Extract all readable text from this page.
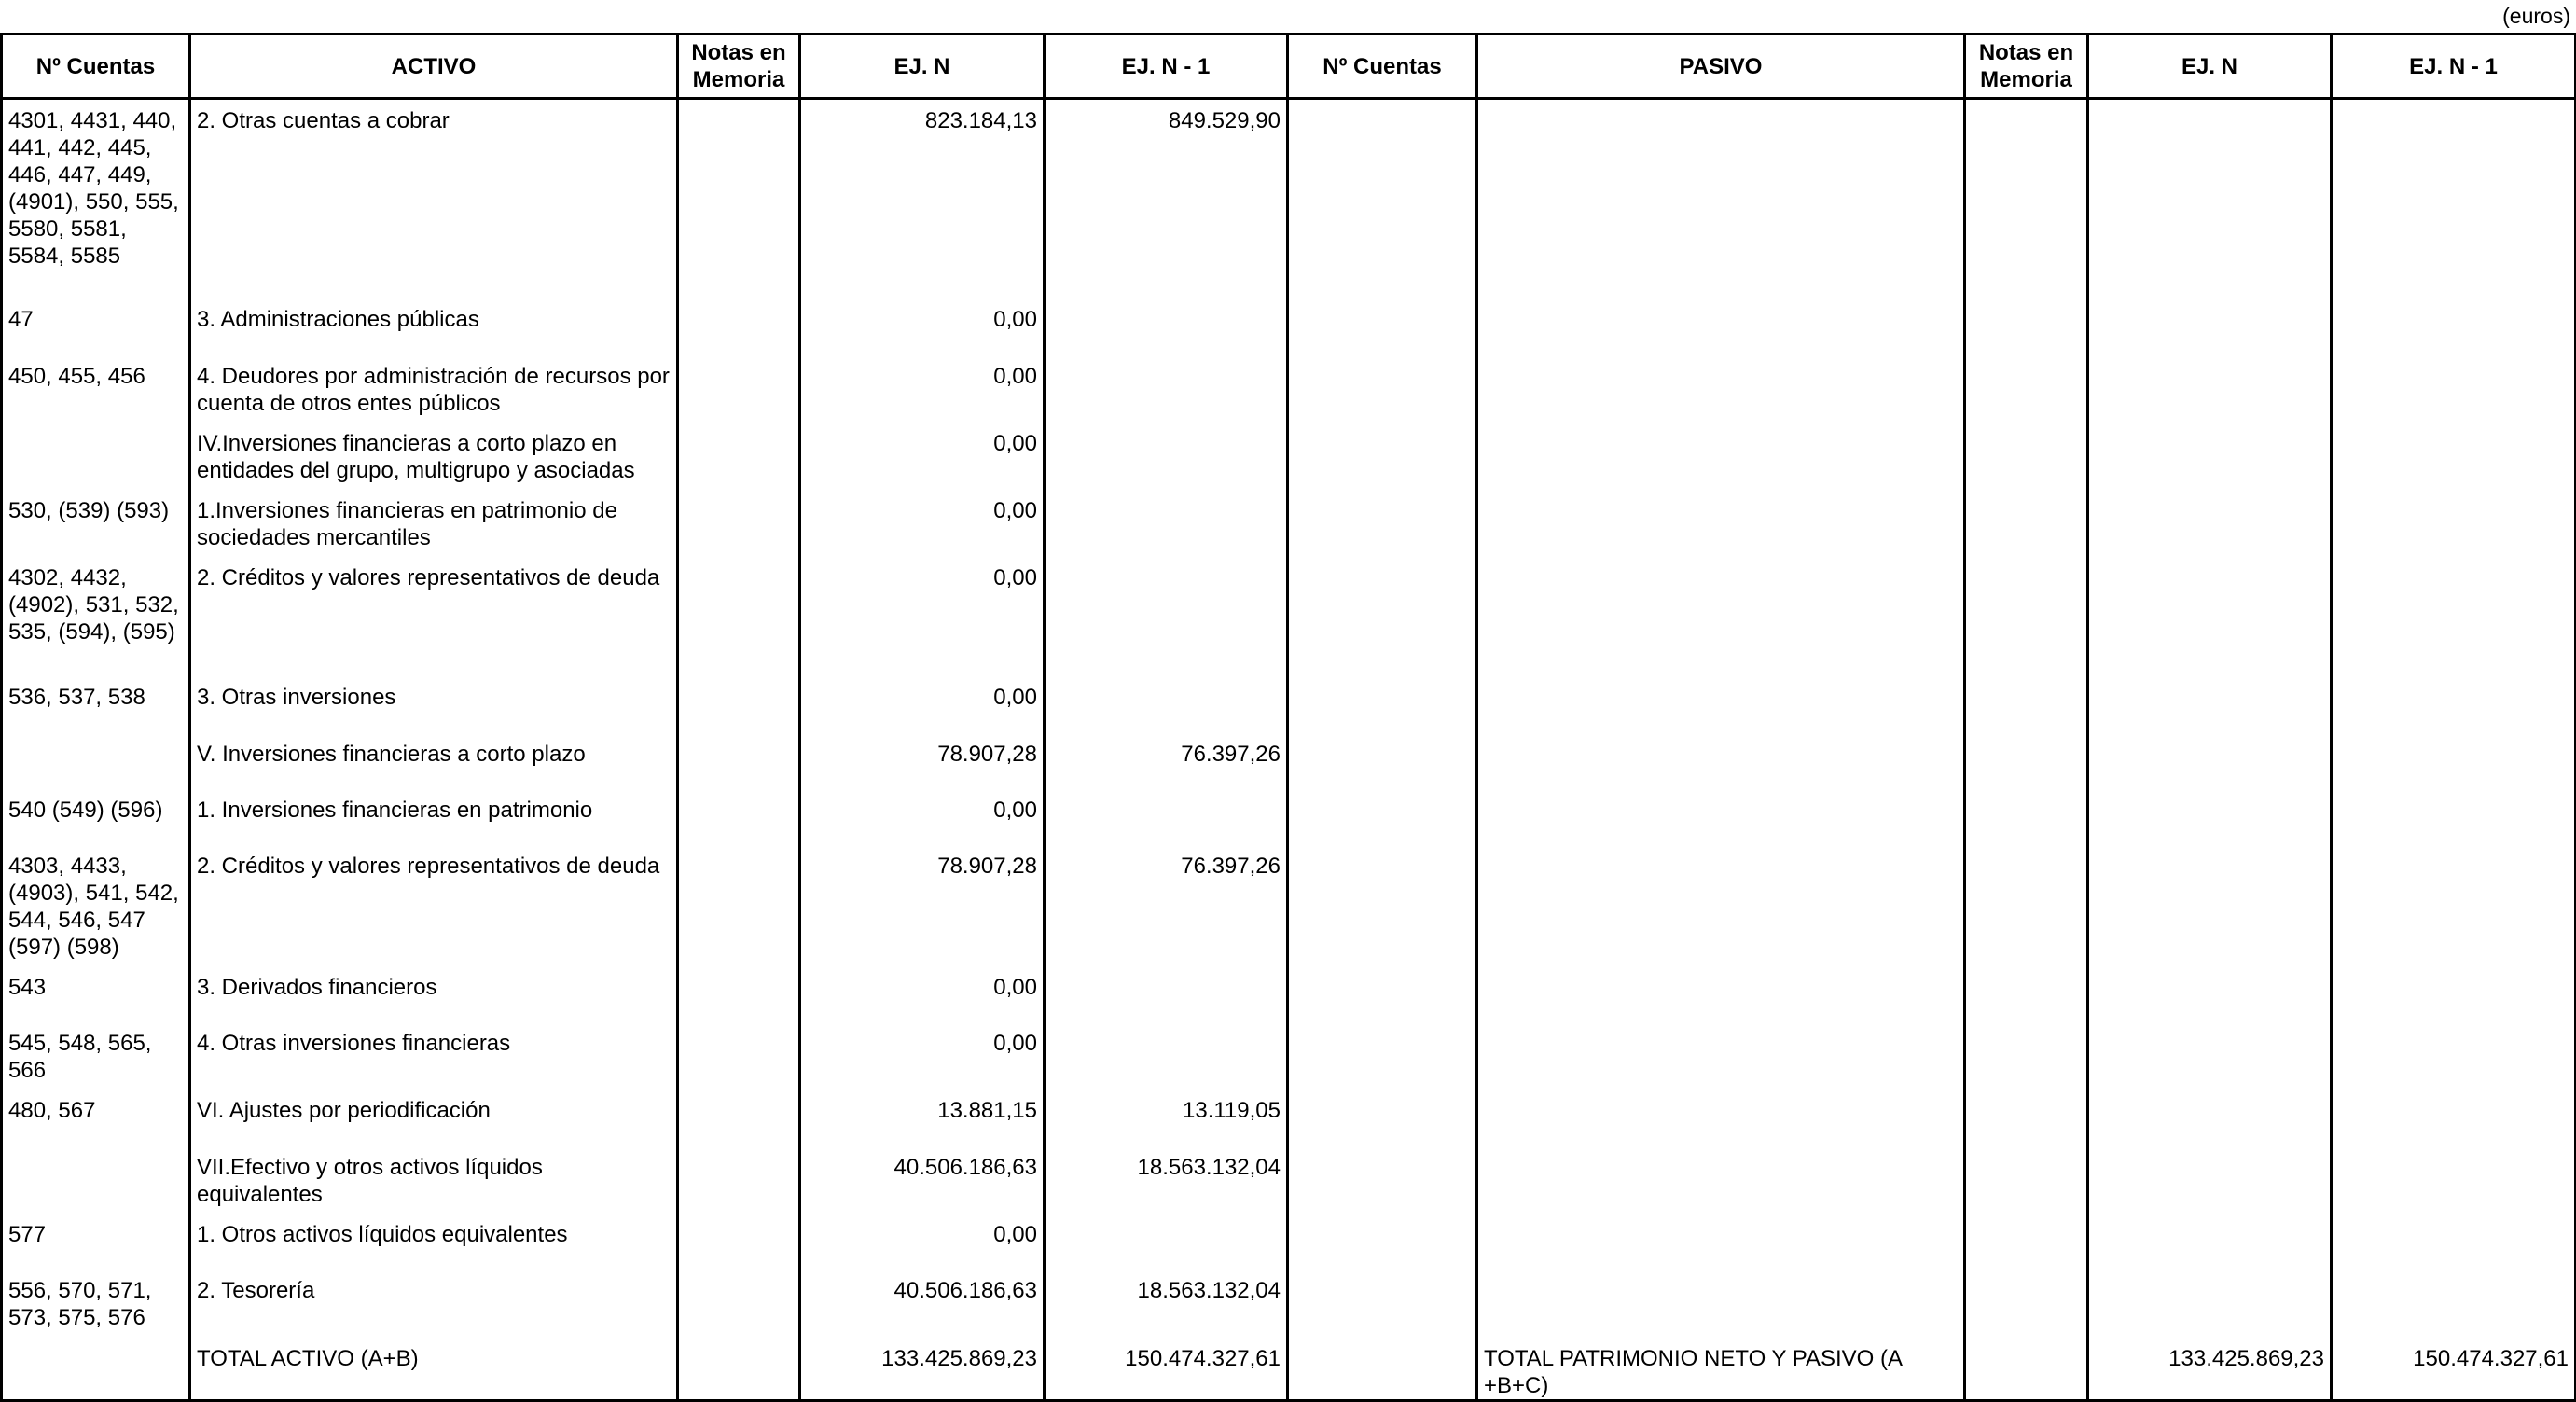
(euros)
Nº Cuentas	ACTIVO	Notas en Memoria	EJ. N	EJ. N - 1	Nº Cuentas	PASIVO	Notas en Memoria	EJ. N	EJ. N - 1
4301, 4431, 440, 441, 442, 445, 446, 447, 449, (4901), 550, 555, 5580, 5581, 5584, 5585	2. Otras cuentas a cobrar		823.184,13	849.529,90					
47	3. Administraciones públicas		0,00						
450, 455, 456	4. Deudores por administración de recursos por cuenta de otros entes públicos		0,00						
	IV.Inversiones financieras a corto plazo en entidades del grupo, multigrupo y asociadas		0,00						
530, (539) (593)	1.Inversiones financieras en patrimonio de sociedades mercantiles		0,00						
4302, 4432, (4902), 531, 532, 535, (594), (595)	2. Créditos y valores representativos de deuda		0,00						
536, 537, 538	3. Otras inversiones		0,00						
	V. Inversiones financieras a corto plazo		78.907,28	76.397,26					
540 (549) (596)	1. Inversiones financieras en patrimonio		0,00						
4303, 4433, (4903), 541, 542, 544, 546, 547 (597) (598)	2. Créditos y valores representativos de deuda		78.907,28	76.397,26					
543	3. Derivados financieros		0,00						
545, 548, 565, 566	4. Otras inversiones financieras		0,00						
480, 567	VI. Ajustes por periodificación		13.881,15	13.119,05					
	VII.Efectivo y otros activos líquidos equivalentes		40.506.186,63	18.563.132,04					
577	1. Otros activos líquidos equivalentes		0,00						
556, 570, 571, 573, 575, 576	2. Tesorería		40.506.186,63	18.563.132,04					
	TOTAL ACTIVO (A+B)		133.425.869,23	150.474.327,61		TOTAL PATRIMONIO NETO Y PASIVO (A +B+C)		133.425.869,23	150.474.327,61
